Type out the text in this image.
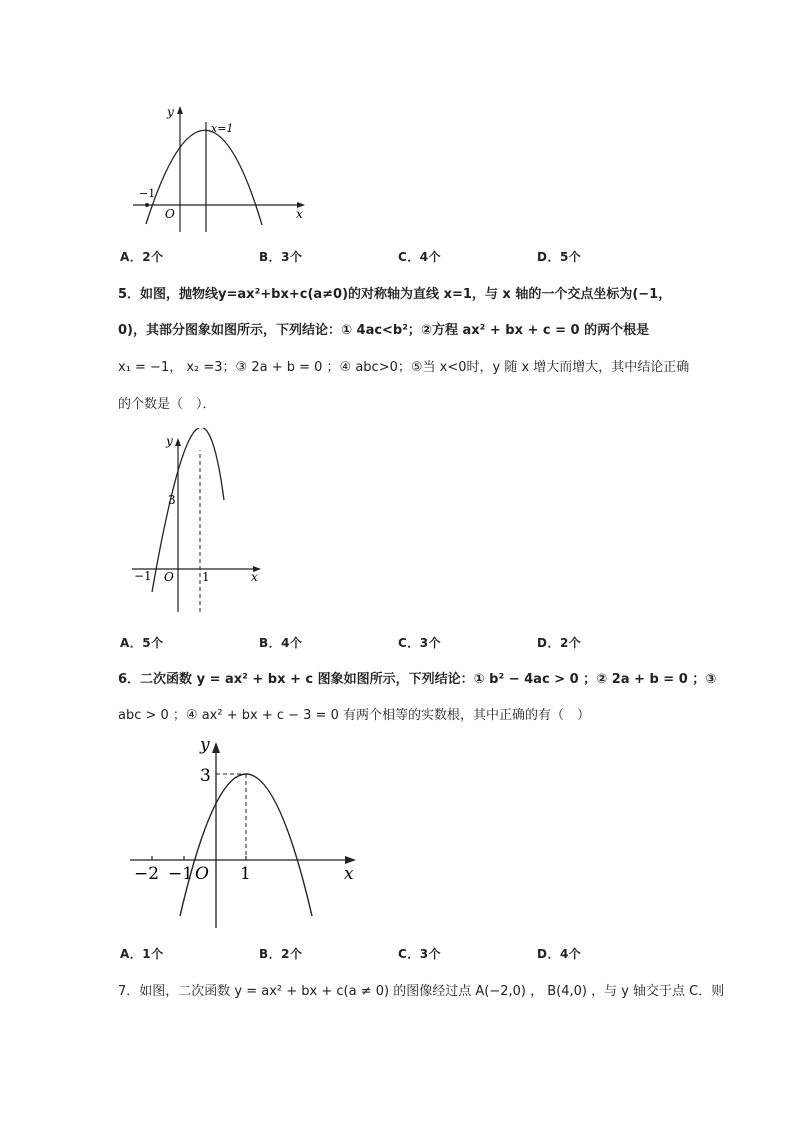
y
x
O
−1
x=1
A．2个	B．3个	C．4个	D．5个
5．如图，抛物线y=ax²+bx+c(a≠0)的对称轴为直线 x=1，与 x 轴的一个交点坐标为(−1，
0)，其部分图象如图所示，下列结论：① 4ac<b²；②方程 ax² + bx + c = 0 的两个根是
x₁ = −1， x₂ =3；③ 2a + b = 0 ；④ abc>0；⑤当 x<0时，y 随 x 增大而增大，其中结论正确
的个数是（　）．
y
x
O
3
−1	1
A．5个	B．4个	C．3个	D．2个
6．二次函数 y = ax² + bx + c 图象如图所示，下列结论：① b² − 4ac > 0 ；② 2a + b = 0 ；③
abc > 0 ；④ ax² + bx + c − 3 = 0 有两个相等的实数根，其中正确的有（　）
y
x
O
3
−2 −1	1
A．1个	B．2个	C．3个	D．4个
7．如图，二次函数 y = ax² + bx + c(a ≠ 0) 的图像经过点 A(−2,0) ， B(4,0) ，与 y 轴交于点 C．则
